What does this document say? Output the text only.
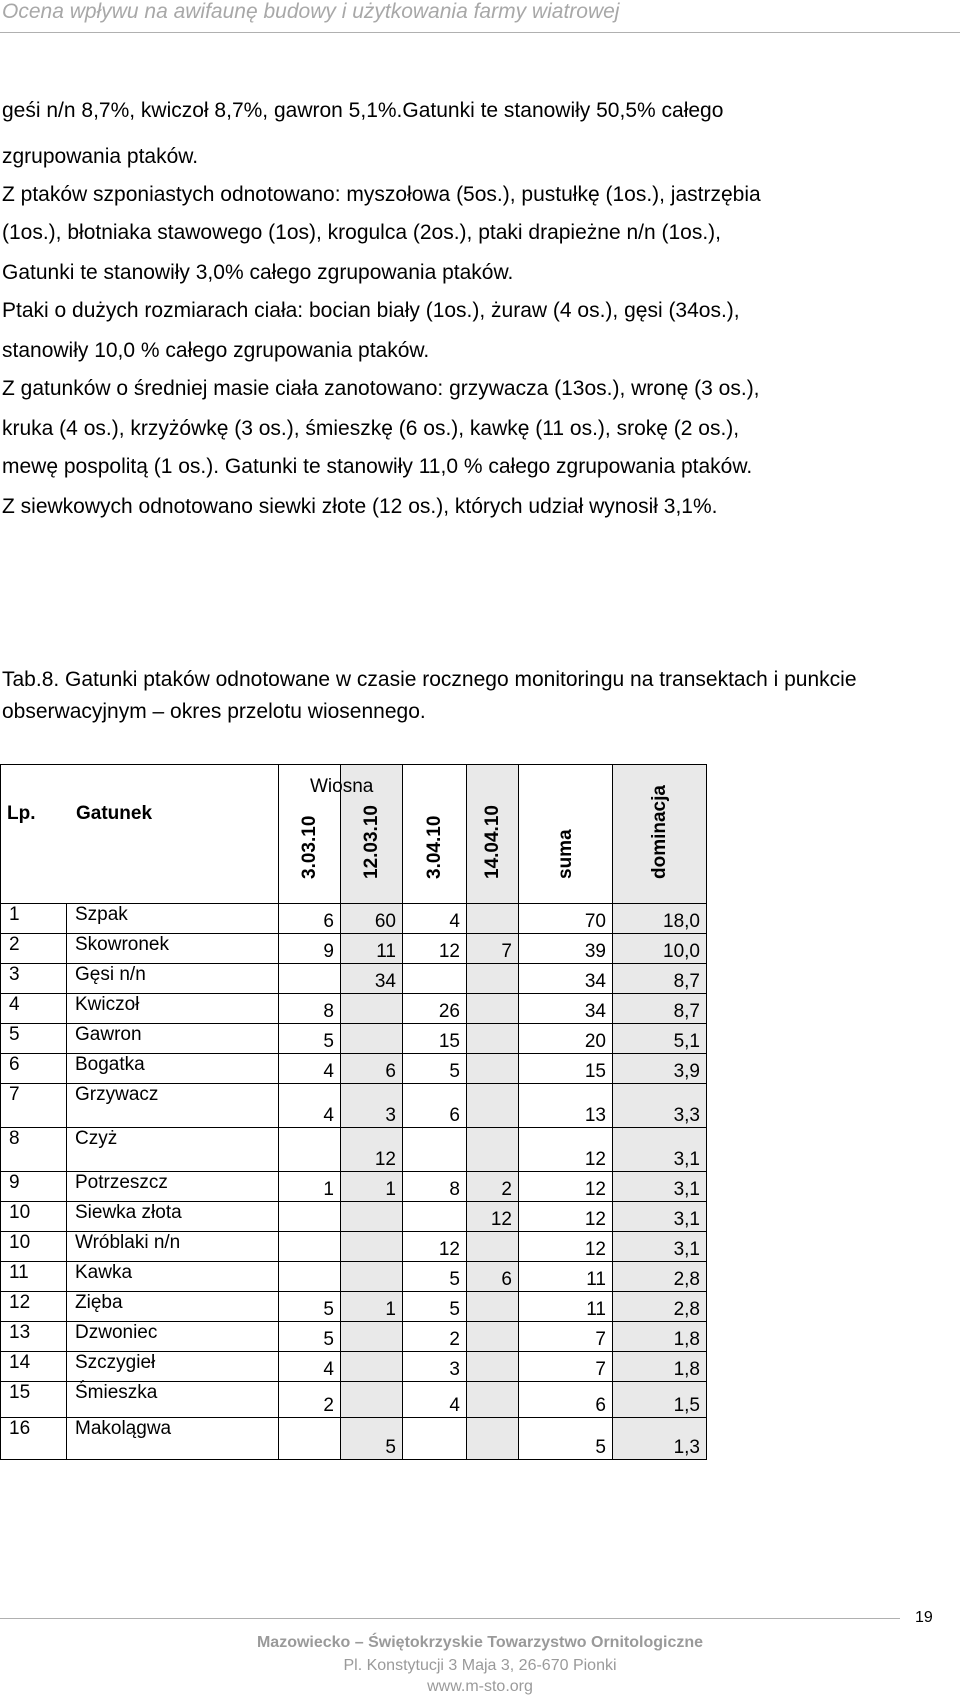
Ocena wpływu na awifaunę budowy i użytkowania farmy wiatrowej
geśi n/n 8,7%, kwiczoł 8,7%, gawron 5,1%.Gatunki te stanowiły 50,5% całego
zgrupowania ptaków.
Z ptaków szponiastych odnotowano: myszołowa (5os.), pustułkę (1os.), jastrzębia
(1os.), błotniaka stawowego (1os), krogulca (2os.), ptaki drapieżne n/n (1os.),
Gatunki te stanowiły 3,0% całego zgrupowania ptaków.
Ptaki o dużych rozmiarach ciała: bocian biały (1os.), żuraw (4 os.), gęsi (34os.),
stanowiły 10,0 % całego zgrupowania ptaków.
Z gatunków o średniej masie ciała zanotowano: grzywacza (13os.), wronę (3 os.),
kruka (4 os.), krzyżówkę (3 os.), śmieszkę (6 os.), kawkę (11 os.), srokę (2 os.),
mewę pospolitą (1 os.). Gatunki te stanowiły 11,0 % całego zgrupowania ptaków.
Z siewkowych odnotowano siewki złote (12 os.), których udział wynosił 3,1%.
Tab.8. Gatunki ptaków odnotowane w czasie rocznego monitoringu na transektach i punkcie obserwacyjnym – okres przelotu wiosennego.
Lp. Gatunek		3.03.10	12.03.10	3.04.10	14.04.10	suma	dominacja

1	Szpak	6	60	4		70	18,0
2	Skowronek	9	11	12	7	39	10,0
3	Gęsi n/n		34			34	8,7
4	Kwiczoł	8		26		34	8,7
5	Gawron	5		15		20	5,1
6	Bogatka	4	6	5		15	3,9
7	Grzywacz	4	3	6		13	3,3
8	Czyż		12			12	3,1
9	Potrzeszcz	1	1	8	2	12	3,1
10	Siewka złota				12	12	3,1
10	Wróblaki n/n			12		12	3,1
11	Kawka			5	6	11	2,8
12	Zięba	5	1	5		11	2,8
13	Dzwoniec	5		2		7	1,8
14	Szczygieł	4		3		7	1,8
15	Śmieszka	2		4		6	1,5
16	Makolągwa		5			5	1,3
Wiosna
19
Mazowiecko – Świętokrzyskie Towarzystwo Ornitologiczne
Pl. Konstytucji 3 Maja 3, 26-670 Pionki
www.m-sto.org
